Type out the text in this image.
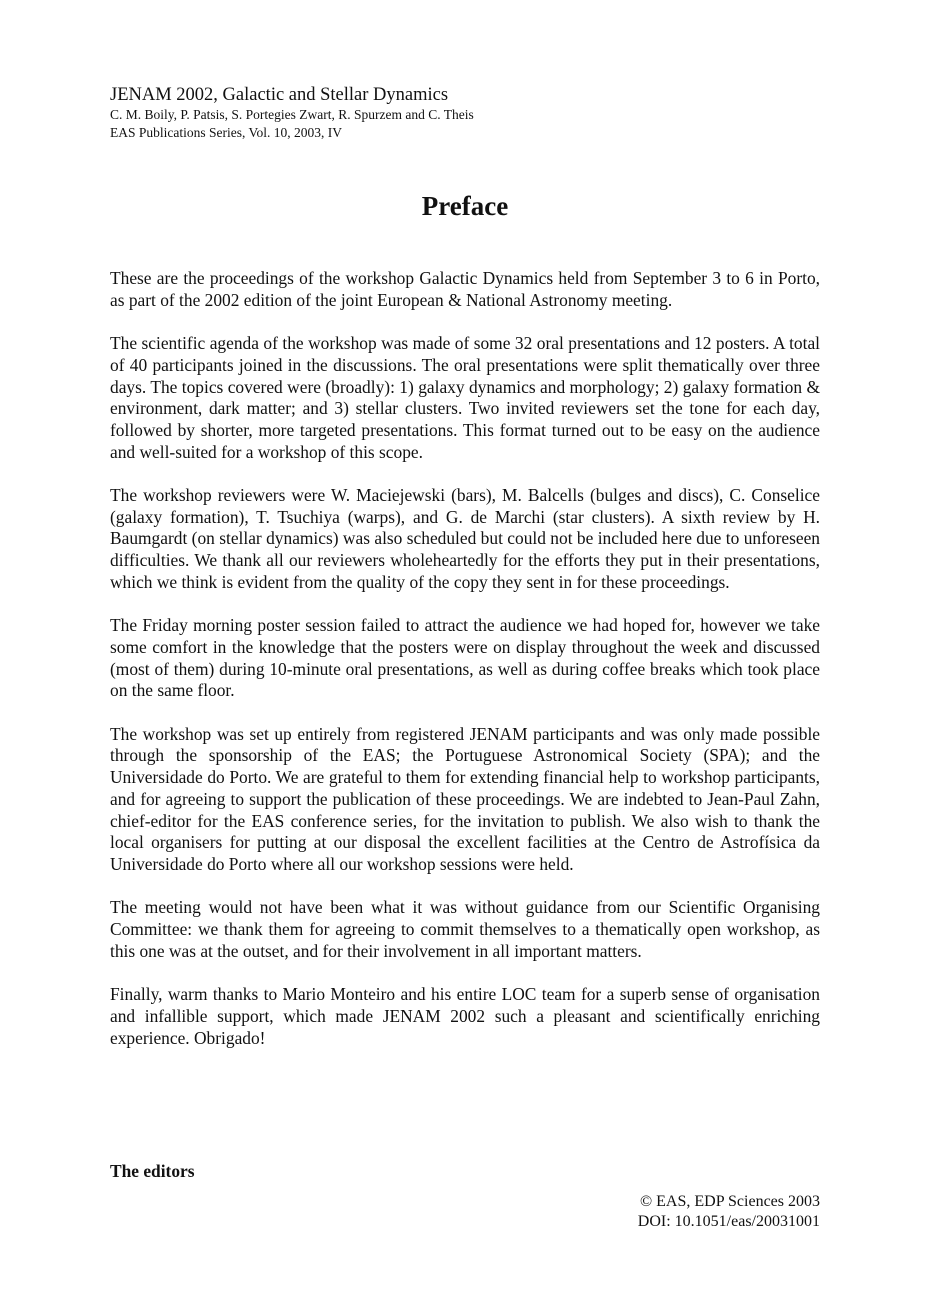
JENAM 2002, Galactic and Stellar Dynamics

C. M. Boily, P. Patsis, S. Portegies Zwart, R. Spurzem and C. Theis

EAS Publications Series, Vol. 10, 2003, IV

Preface

These are the proceedings of the workshop Galactic Dynamics held from September 3 to 6 in Porto, as part of the 2002 edition of the joint European & National Astronomy meeting.

The scientific agenda of the workshop was made of some 32 oral presentations and 12 posters. A total of 40 participants joined in the discussions. The oral presentations were split thematically over three days. The topics covered were (broadly): 1) galaxy dynamics and morphology; 2) galaxy formation & environment, dark matter; and 3) stellar clusters. Two invited reviewers set the tone for each day, followed by shorter, more targeted presentations. This format turned out to be easy on the audience and well-suited for a workshop of this scope.

The workshop reviewers were W. Maciejewski (bars), M. Balcells (bulges and discs), C. Conselice (galaxy formation), T. Tsuchiya (warps), and G. de Marchi (star clusters). A sixth review by H. Baumgardt (on stellar dynamics) was also scheduled but could not be included here due to unforeseen difficulties. We thank all our reviewers wholeheartedly for the efforts they put in their presentations, which we think is evident from the quality of the copy they sent in for these proceedings.

The Friday morning poster session failed to attract the audience we had hoped for, however we take some comfort in the knowledge that the posters were on display throughout the week and discussed (most of them) during 10-minute oral presentations, as well as during coffee breaks which took place on the same floor.

The workshop was set up entirely from registered JENAM participants and was only made possible through the sponsorship of the EAS; the Portuguese Astronomical Society (SPA); and the Universidade do Porto. We are grateful to them for extending financial help to workshop participants, and for agreeing to support the publication of these proceedings. We are indebted to Jean-Paul Zahn, chief-editor for the EAS conference series, for the invitation to publish. We also wish to thank the local organisers for putting at our disposal the excellent facilities at the Centro de Astrofísica da Universidade do Porto where all our workshop sessions were held.

The meeting would not have been what it was without guidance from our Scientific Organising Committee: we thank them for agreeing to commit themselves to a thematically open workshop, as this one was at the outset, and for their involvement in all important matters.

Finally, warm thanks to Mario Monteiro and his entire LOC team for a superb sense of organisation and infallible support, which made JENAM 2002 such a pleasant and scientifically enriching experience. Obrigado!

The editors

© EAS, EDP Sciences 2003
DOI: 10.1051/eas/20031001
